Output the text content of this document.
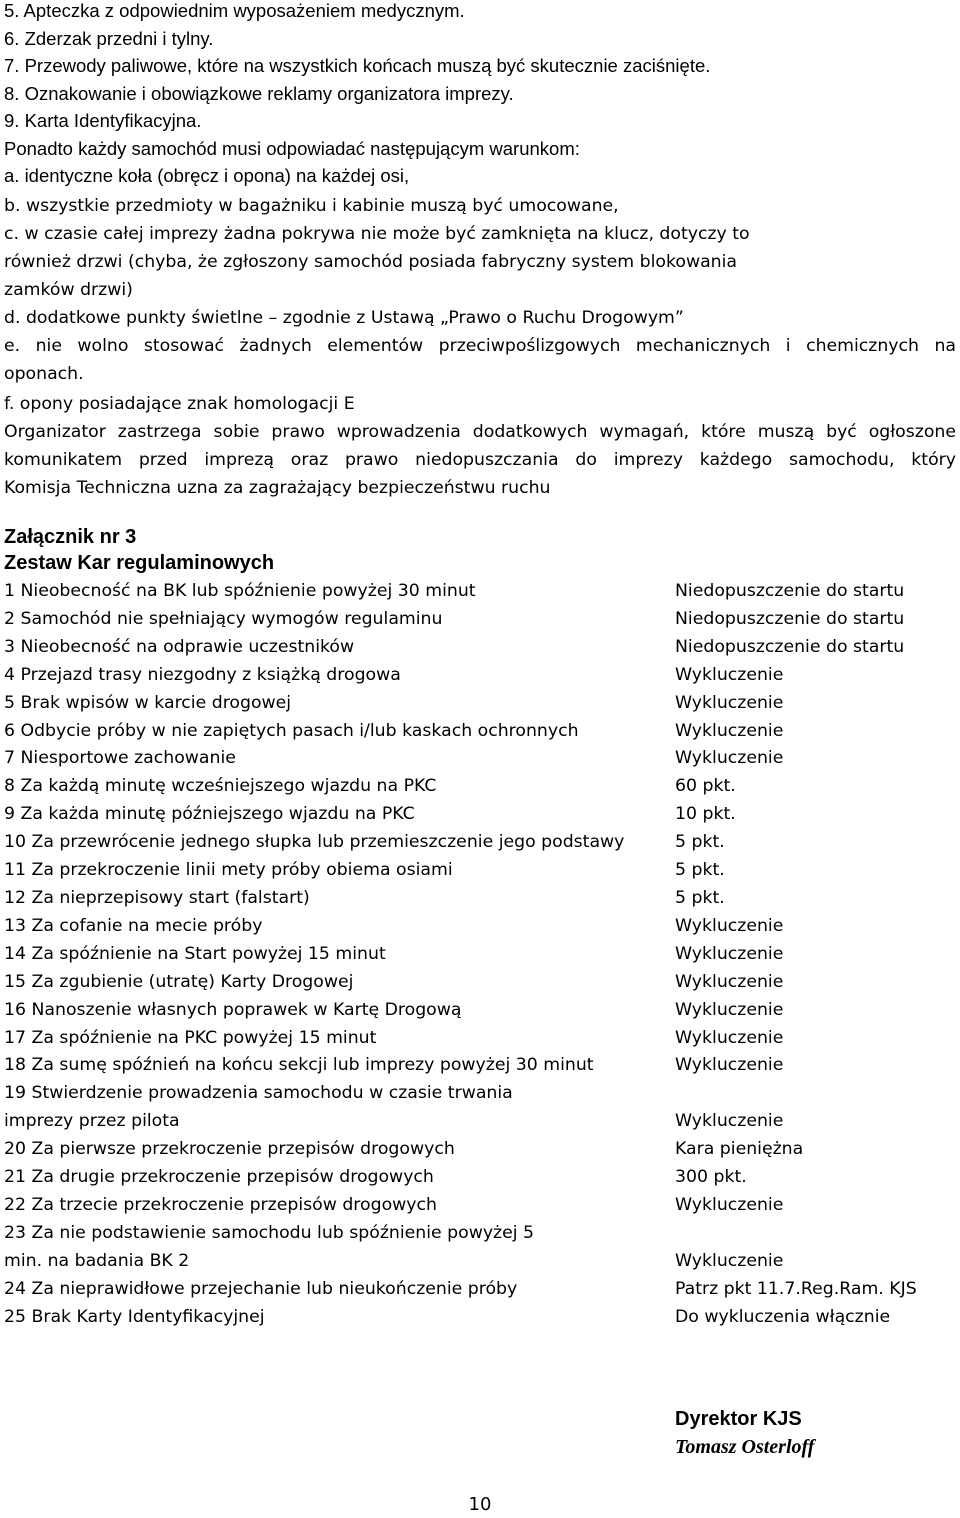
5. Apteczka z odpowiednim wyposażeniem medycznym.
6. Zderzak przedni i tylny.
7. Przewody paliwowe, które na wszystkich końcach muszą być skutecznie zaciśnięte.
8. Oznakowanie i obowiązkowe reklamy organizatora imprezy.
9. Karta Identyfikacyjna.
Ponadto każdy samochód musi odpowiadać następującym warunkom:
a. identyczne koła (obręcz i opona) na każdej osi,
b. wszystkie przedmioty w bagażniku i kabinie muszą być umocowane,
c. w czasie całej imprezy żadna pokrywa nie może być zamknięta na klucz, dotyczy to
również drzwi (chyba, że zgłoszony samochód posiada fabryczny system blokowania
zamków drzwi)
d. dodatkowe punkty świetlne – zgodnie z Ustawą „Prawo o Ruchu Drogowym”
e. nie wolno stosować żadnych elementów przeciwpoślizgowych mechanicznych i chemicznych na
oponach.
f. opony posiadające znak homologacji E
Organizator zastrzega sobie prawo wprowadzenia dodatkowych wymagań, które muszą być ogłoszone
komunikatem przed imprezą oraz prawo niedopuszczania do imprezy każdego samochodu, który
Komisja Techniczna uzna za zagrażający bezpieczeństwu ruchu
Załącznik nr 3
Zestaw Kar regulaminowych
1 Nieobecność na BK lub spóźnienie powyżej 30 minut	Niedopuszczenie do startu
2 Samochód nie spełniający wymogów regulaminu	Niedopuszczenie do startu
3 Nieobecność na odprawie uczestników	Niedopuszczenie do startu
4 Przejazd trasy niezgodny z książką drogowa	Wykluczenie
5 Brak wpisów w karcie drogowej	Wykluczenie
6 Odbycie próby w nie zapiętych pasach i/lub kaskach ochronnych	Wykluczenie
7 Niesportowe zachowanie	Wykluczenie
8 Za każdą minutę wcześniejszego wjazdu na PKC	60 pkt.
9 Za każda minutę późniejszego wjazdu na PKC	10 pkt.
10 Za przewrócenie jednego słupka lub przemieszczenie jego podstawy	5 pkt.
11 Za przekroczenie linii mety próby obiema osiami	5 pkt.
12 Za nieprzepisowy start (falstart)	5 pkt.
13 Za cofanie na mecie próby	Wykluczenie
14 Za spóźnienie na Start powyżej 15 minut	Wykluczenie
15 Za zgubienie (utratę) Karty Drogowej	Wykluczenie
16 Nanoszenie własnych poprawek w Kartę Drogową	Wykluczenie
17 Za spóźnienie na PKC powyżej 15 minut	Wykluczenie
18 Za sumę spóźnień na końcu sekcji lub imprezy powyżej 30 minut	Wykluczenie
19 Stwierdzenie prowadzenia samochodu w czasie trwania
imprezy przez pilota	Wykluczenie
20 Za pierwsze przekroczenie przepisów drogowych	Kara pieniężna
21 Za drugie przekroczenie przepisów drogowych	300 pkt.
22 Za trzecie przekroczenie przepisów drogowych	Wykluczenie
23 Za nie podstawienie samochodu lub spóźnienie powyżej 5
min. na badania BK 2	Wykluczenie
24 Za nieprawidłowe przejechanie lub nieukończenie próby	Patrz pkt 11.7.Reg.Ram. KJS
25 Brak Karty Identyfikacyjnej	Do wykluczenia włącznie
Dyrektor KJS
Tomasz Osterloff
10
